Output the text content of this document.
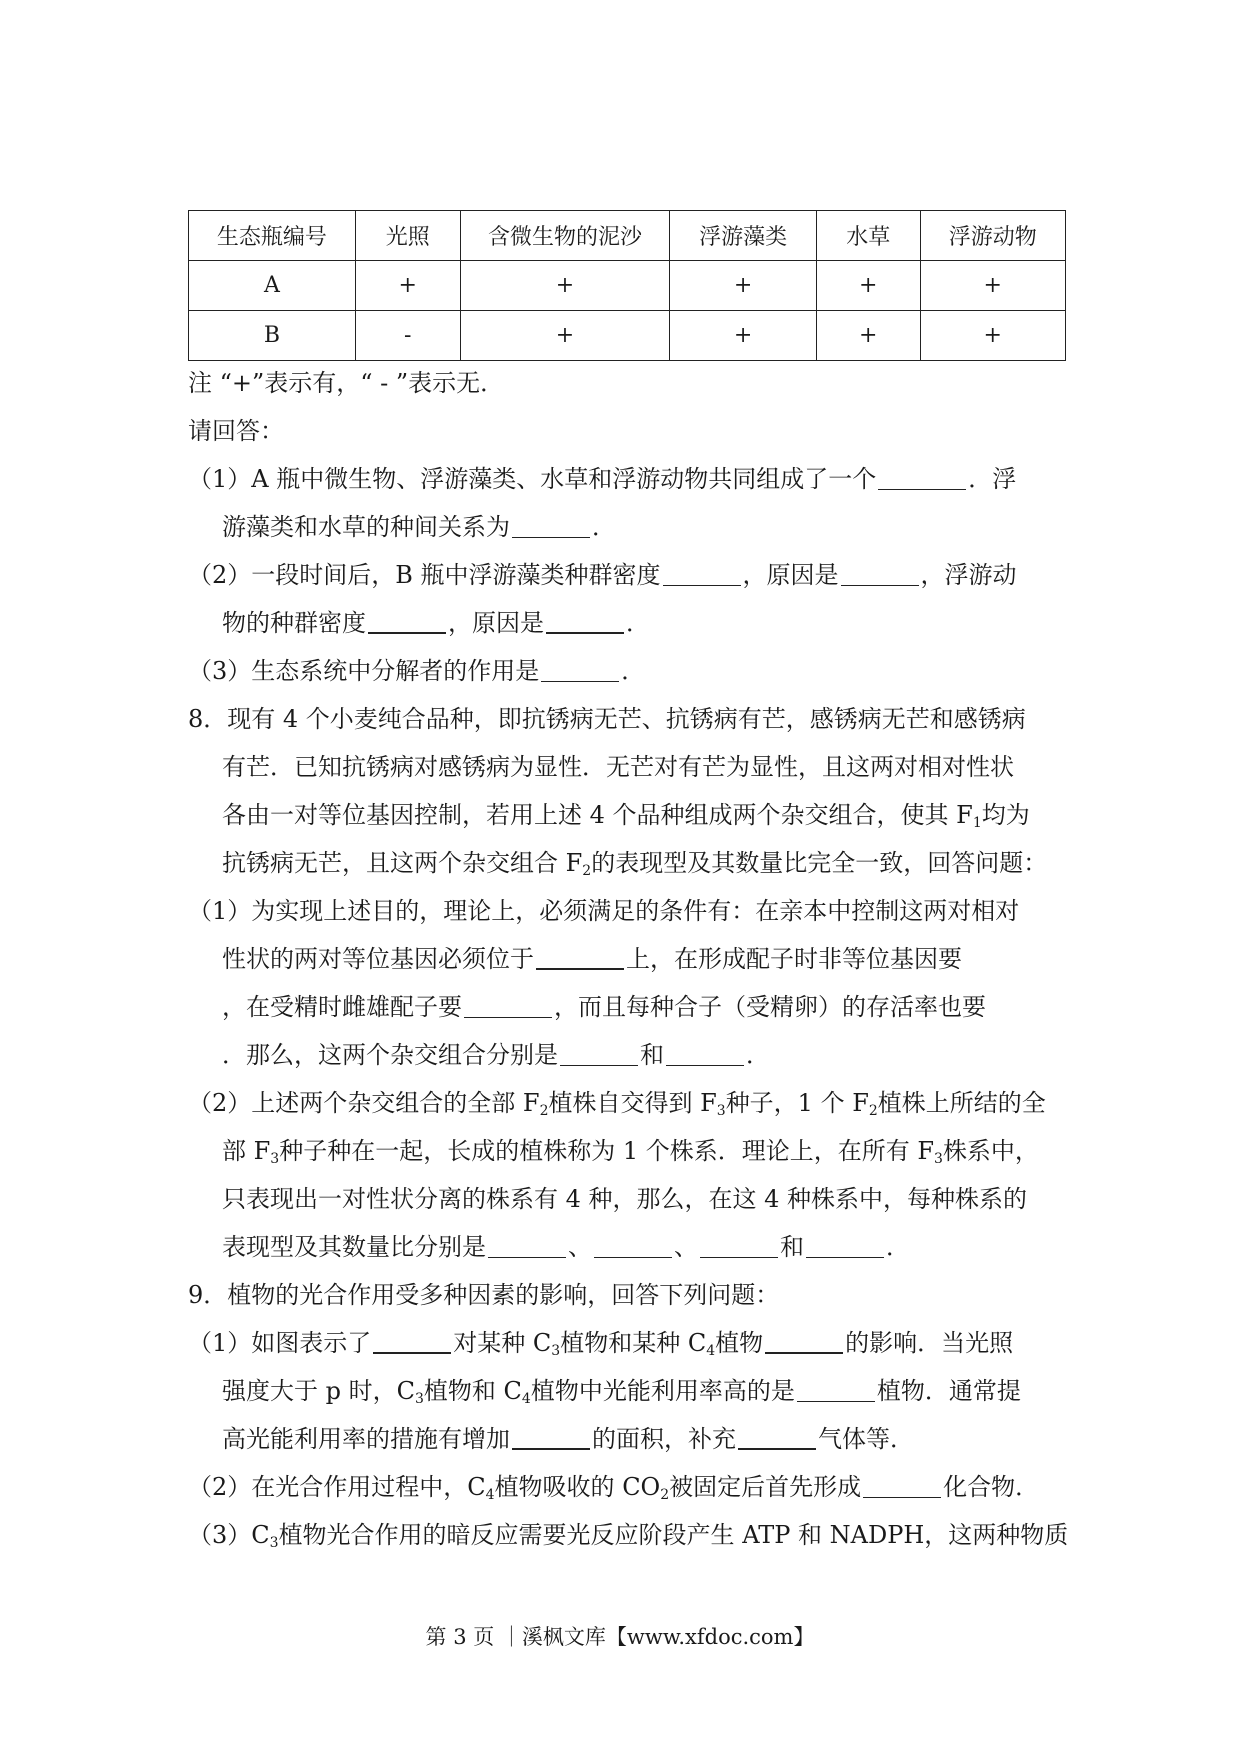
生态瓶编号	光照	含微生物的泥沙	浮游藻类	水草	浮游动物
A	+	+	+	+	+
B	-	+	+	+	+
注 “+”表示有，“ - ”表示无．
请回答：
（1）A 瓶中微生物、浮游藻类、水草和浮游动物共同组成了一个	．浮
游藻类和水草的种间关系为	．
（2）一段时间后，B 瓶中浮游藻类种群密度	，原因是	，浮游动
物的种群密度	，原因是	．
（3）生态系统中分解者的作用是	．
8．现有 4 个小麦纯合品种，即抗锈病无芒、抗锈病有芒，感锈病无芒和感锈病
有芒．已知抗锈病对感锈病为显性．无芒对有芒为显性，且这两对相对性状
各由一对等位基因控制，若用上述 4 个品种组成两个杂交组合，使其 $F_1$均为
抗锈病无芒，且这两个杂交组合 $F_2$的表现型及其数量比完全一致，回答问题：
（1）为实现上述目的，理论上，必须满足的条件有：在亲本中控制这两对相对
性状的两对等位基因必须位于	上，在形成配子时非等位基因要
，在受精时雌雄配子要	，而且每种合子（受精卵）的存活率也要
．那么，这两个杂交组合分别是	和	．
（2）上述两个杂交组合的全部 $F_2$植株自交得到 $F_3$种子，1 个 $F_2$植株上所结的全
部 $F_3$种子种在一起，长成的植株称为 1 个株系．理论上，在所有 $F_3$株系中，
只表现出一对性状分离的株系有 4 种，那么，在这 4 种株系中，每种株系的
表现型及其数量比分别是	、	、	和	．
9．植物的光合作用受多种因素的影响，回答下列问题：
（1）如图表示了	对某种 $C_3$植物和某种 $C_4$植物	的影响．当光照
强度大于 p 时，$C_3$植物和 $C_4$植物中光能利用率高的是	植物．通常提
高光能利用率的措施有增加	的面积，补充	气体等．
（2）在光合作用过程中，$C_4$植物吸收的 $CO_2$被固定后首先形成	化合物．
$(3)C_3$植物光合作用的暗反应需要光反应阶段产生 ATP 和 NADPH，这两种物质
第 3 页 ｜溪枫文库【www.xfdoc.com】
